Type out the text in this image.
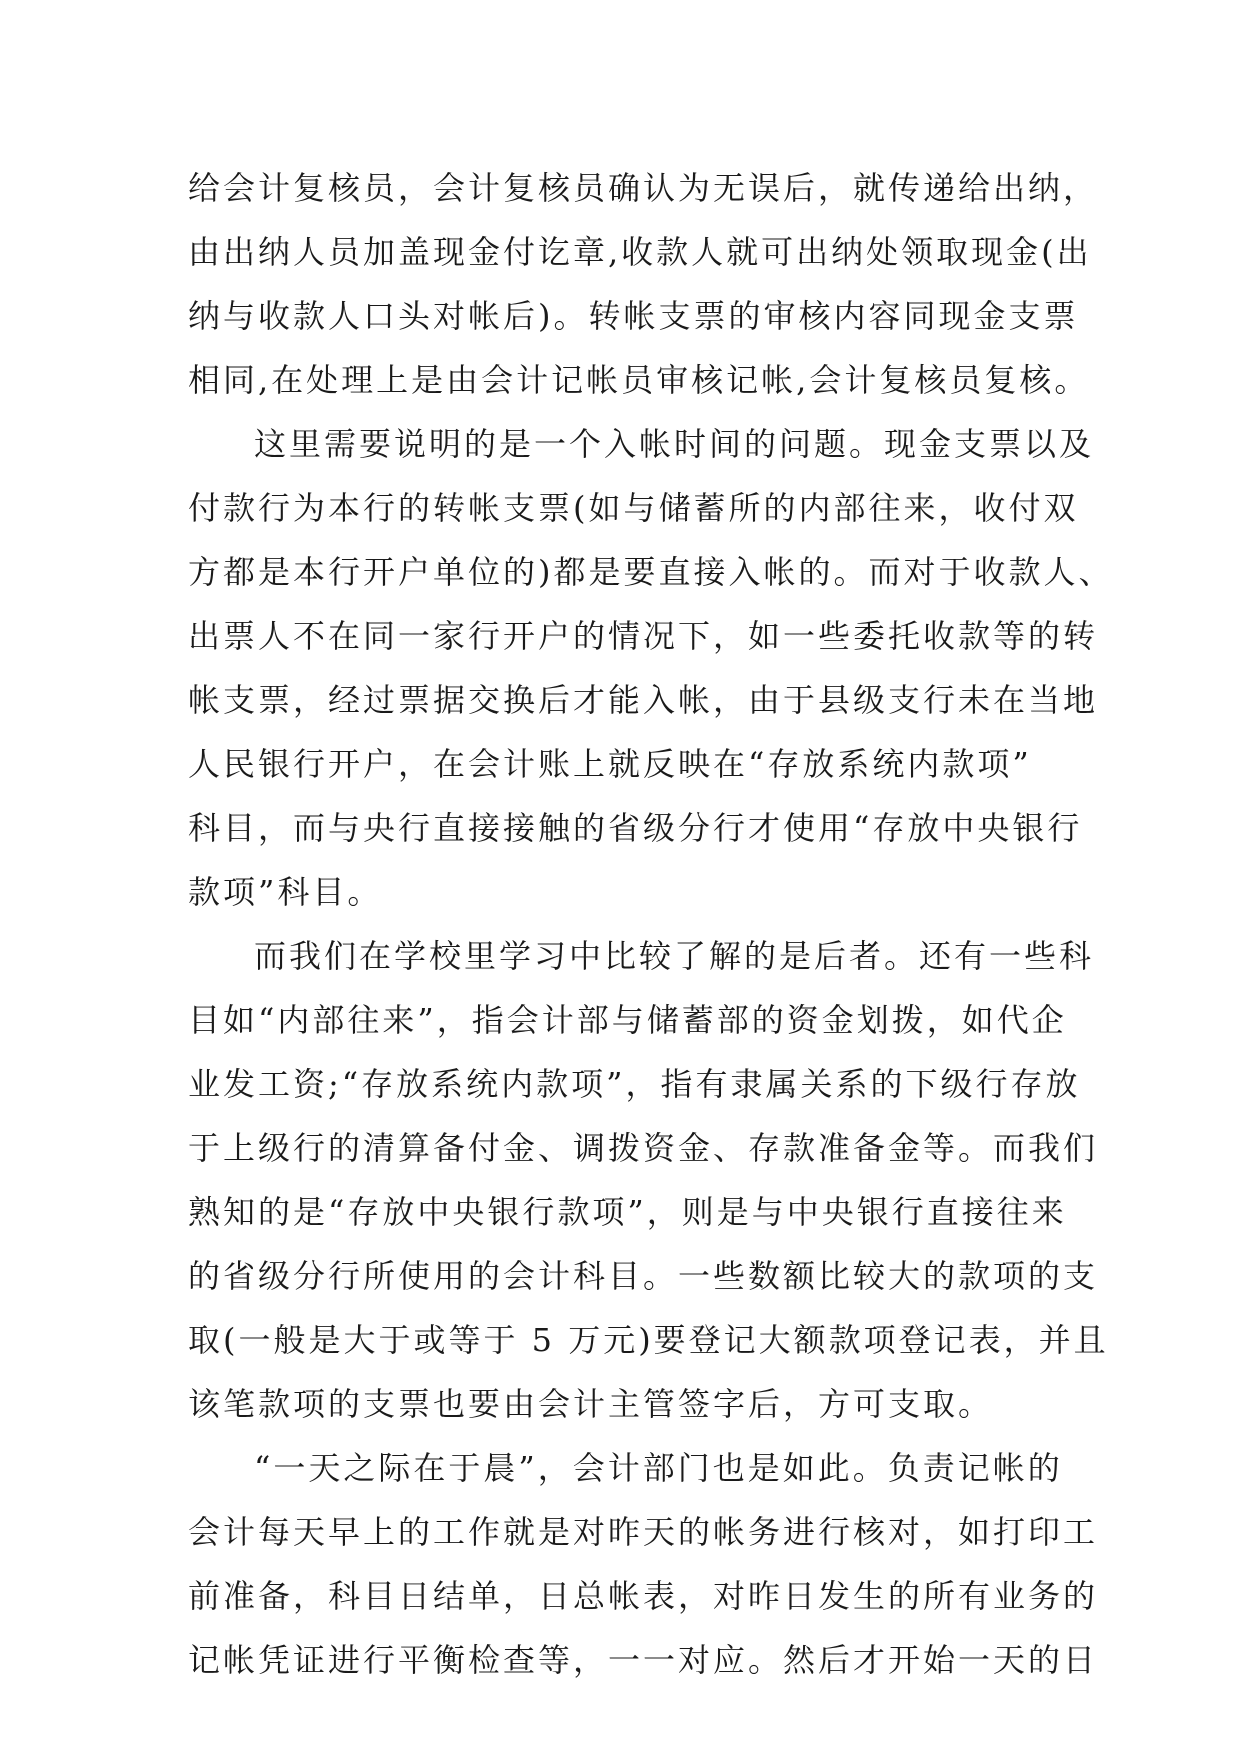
给会计复核员，会计复核员确认为无误后，就传递给出纳，
由出纳人员加盖现金付讫章,收款人就可出纳处领取现金(出
纳与收款人口头对帐后)。转帐支票的审核内容同现金支票
相同,在处理上是由会计记帐员审核记帐,会计复核员复核。
这里需要说明的是一个入帐时间的问题。现金支票以及
付款行为本行的转帐支票(如与储蓄所的内部往来，收付双
方都是本行开户单位的)都是要直接入帐的。而对于收款人、
出票人不在同一家行开户的情况下，如一些委托收款等的转
帐支票，经过票据交换后才能入帐，由于县级支行未在当地
人民银行开户，在会计账上就反映在“存放系统内款项”
科目，而与央行直接接触的省级分行才使用“存放中央银行
款项”科目。
而我们在学校里学习中比较了解的是后者。还有一些科
目如“内部往来”，指会计部与储蓄部的资金划拨，如代企
业发工资;“存放系统内款项”，指有隶属关系的下级行存放
于上级行的清算备付金、调拨资金、存款准备金等。而我们
熟知的是“存放中央银行款项”，则是与中央银行直接往来
的省级分行所使用的会计科目。一些数额比较大的款项的支
取(一般是大于或等于 5 万元)要登记大额款项登记表，并且
该笔款项的支票也要由会计主管签字后，方可支取。
“一天之际在于晨”，会计部门也是如此。负责记帐的
会计每天早上的工作就是对昨天的帐务进行核对，如打印工
前准备，科目日结单，日总帐表，对昨日发生的所有业务的
记帐凭证进行平衡检查等，一一对应。然后才开始一天的日
